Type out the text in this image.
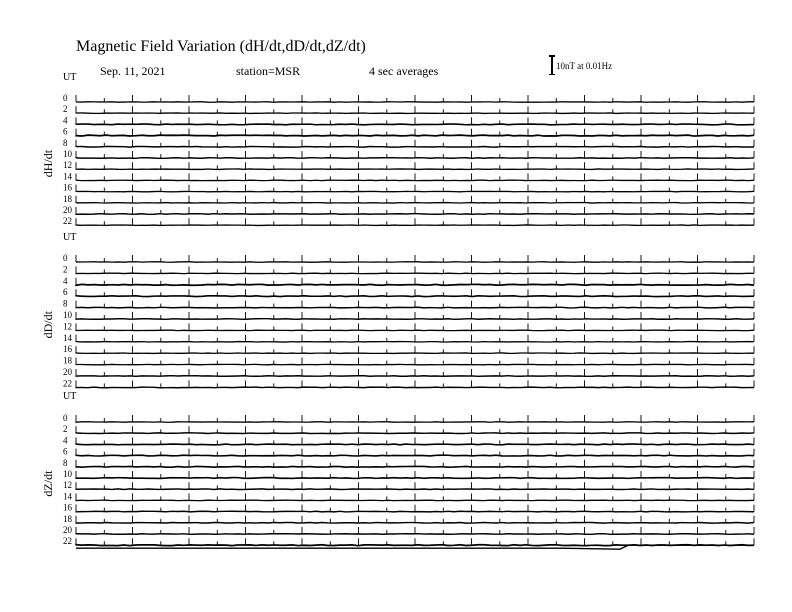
Magnetic Field Variation (dH/dt,dD/dt,dZ/dt)
Sep. 11, 2021	station=MSR	4 sec averages	10nT at 0.01Hz
UT
dH/dt
0
2
4
6
8
10
12
14
16
18
20
22
UT
dD/dt
0
2
4
6
8
10
12
14
16
18
20
22
UT
dZ/dt
0
2
4
6
8
10
12
14
16
18
20
22
